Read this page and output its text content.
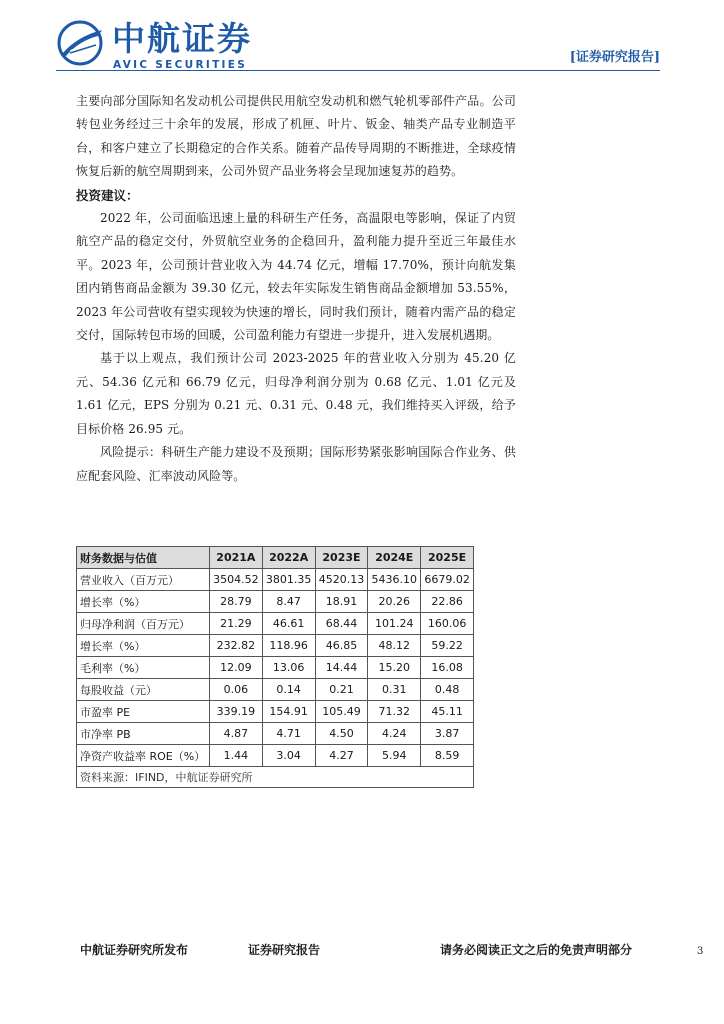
中航证券
AVIC SECURITIES	[证券研究报告]

主要向部分国际知名发动机公司提供民用航空发动机和燃气轮机零部件产品。公司转包业务经过三十余年的发展，形成了机匣、叶片、钣金、轴类产品专业制造平台，和客户建立了长期稳定的合作关系。随着产品传导周期的不断推进，全球疫情恢复后新的航空周期到来，公司外贸产品业务将会呈现加速复苏的趋势。

投资建议：

2022 年，公司面临迅速上量的科研生产任务，高温限电等影响，保证了内贸航空产品的稳定交付，外贸航空业务的企稳回升，盈利能力提升至近三年最佳水平。2023 年，公司预计营业收入为 44.74 亿元，增幅 17.70%，预计向航发集团内销售商品金额为 39.30 亿元，较去年实际发生销售商品金额增加 53.55%，2023 年公司营收有望实现较为快速的增长，同时我们预计，随着内需产品的稳定交付，国际转包市场的回暖，公司盈利能力有望进一步提升，进入发展机遇期。

基于以上观点，我们预计公司 2023-2025 年的营业收入分别为 45.20 亿元、54.36 亿元和 66.79 亿元，归母净利润分别为 0.68 亿元、1.01 亿元及 1.61 亿元，EPS 分别为 0.21 元、0.31 元、0.48 元，我们维持买入评级，给予目标价格 26.95 元。

风险提示：科研生产能力建设不及预期；国际形势紧张影响国际合作业务、供应配套风险、汇率波动风险等。

财务数据与估值	2021A	2022A	2023E	2024E	2025E
营业收入（百万元）	3504.52	3801.35	4520.13	5436.10	6679.02
增长率（%）	28.79	8.47	18.91	20.26	22.86
归母净利润（百万元）	21.29	46.61	68.44	101.24	160.06
增长率（%）	232.82	118.96	46.85	48.12	59.22
毛利率（%）	12.09	13.06	14.44	15.20	16.08
每股收益（元）	0.06	0.14	0.21	0.31	0.48
市盈率 PE	339.19	154.91	105.49	71.32	45.11
市净率 PB	4.87	4.71	4.50	4.24	3.87
净资产收益率 ROE（%）	1.44	3.04	4.27	5.94	8.59
资料来源：IFIND，中航证券研究所					
中航证券研究所发布	证券研究报告	请务必阅读正文之后的免责声明部分	3
